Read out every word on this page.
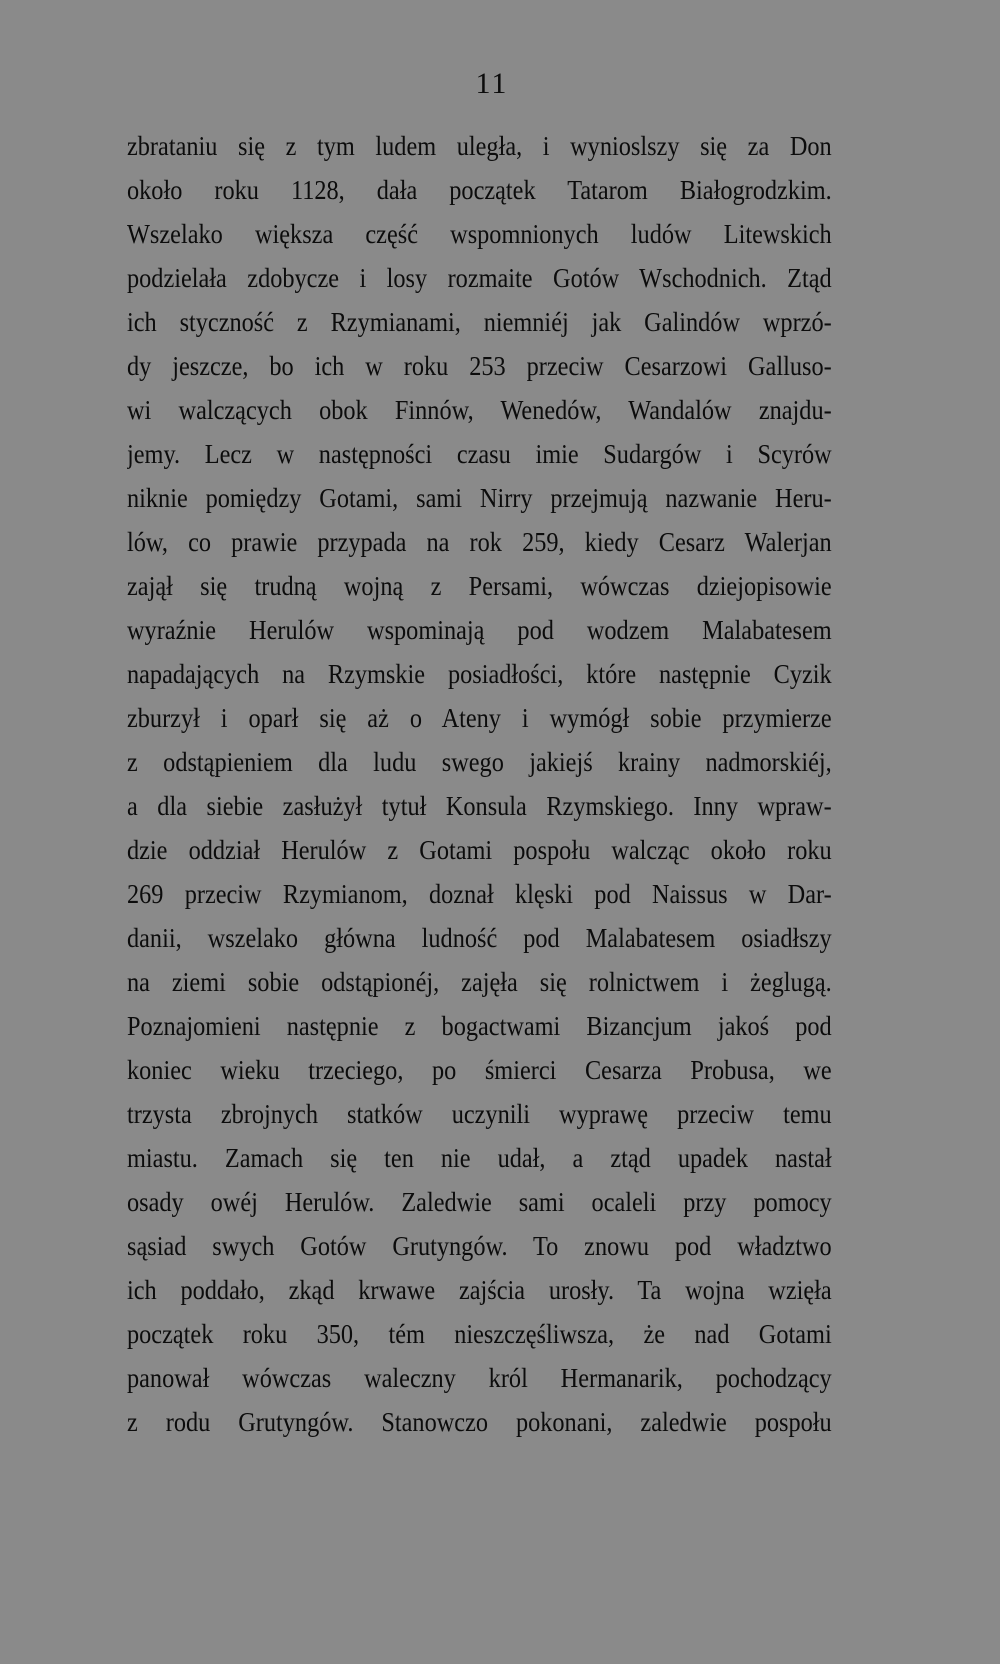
11
zbrataniu się z tym ludem uległa, i wynioslszy się za Don
około roku 1128, dała początek Tatarom Białogrodzkim.
Wszelako większa część wspomnionych ludów Litewskich
podzielała zdobycze i losy rozmaite Gotów Wschodnich. Ztąd
ich styczność z Rzymianami, niemniéj jak Galindów wprzó-
dy jeszcze, bo ich w roku 253 przeciw Cesarzowi Galluso-
wi walczących obok Finnów, Wenedów, Wandalów znajdu-
jemy. Lecz w następności czasu imie Sudargów i Scyrów
niknie pomiędzy Gotami, sami Nirry przejmują nazwanie Heru-
lów, co prawie przypada na rok 259, kiedy Cesarz Walerjan
zajął się trudną wojną z Persami, wówczas dziejopisowie
wyraźnie Herulów wspominają pod wodzem Malabatesem
napadających na Rzymskie posiadłości, które następnie Cyzik
zburzył i oparł się aż o Ateny i wymógł sobie przymierze
z odstąpieniem dla ludu swego jakiejś krainy nadmorskiéj,
a dla siebie zasłużył tytuł Konsula Rzymskiego. Inny wpraw-
dzie oddział Herulów z Gotami pospołu walcząc około roku
269 przeciw Rzymianom, doznał klęski pod Naissus w Dar-
danii, wszelako główna ludność pod Malabatesem osiadłszy
na ziemi sobie odstąpionéj, zajęła się rolnictwem i żeglugą.
Poznajomieni następnie z bogactwami Bizancjum jakoś pod
koniec wieku trzeciego, po śmierci Cesarza Probusa, we
trzysta zbrojnych statków uczynili wyprawę przeciw temu
miastu. Zamach się ten nie udał, a ztąd upadek nastał
osady owéj Herulów. Zaledwie sami ocaleli przy pomocy
sąsiad swych Gotów Grutyngów. To znowu pod władztwo
ich poddało, zkąd krwawe zajścia urosły. Ta wojna wzięła
początek roku 350, tém nieszczęśliwsza, że nad Gotami
panował wówczas waleczny król Hermanarik, pochodzący
z rodu Grutyngów. Stanowczo pokonani, zaledwie pospołu
